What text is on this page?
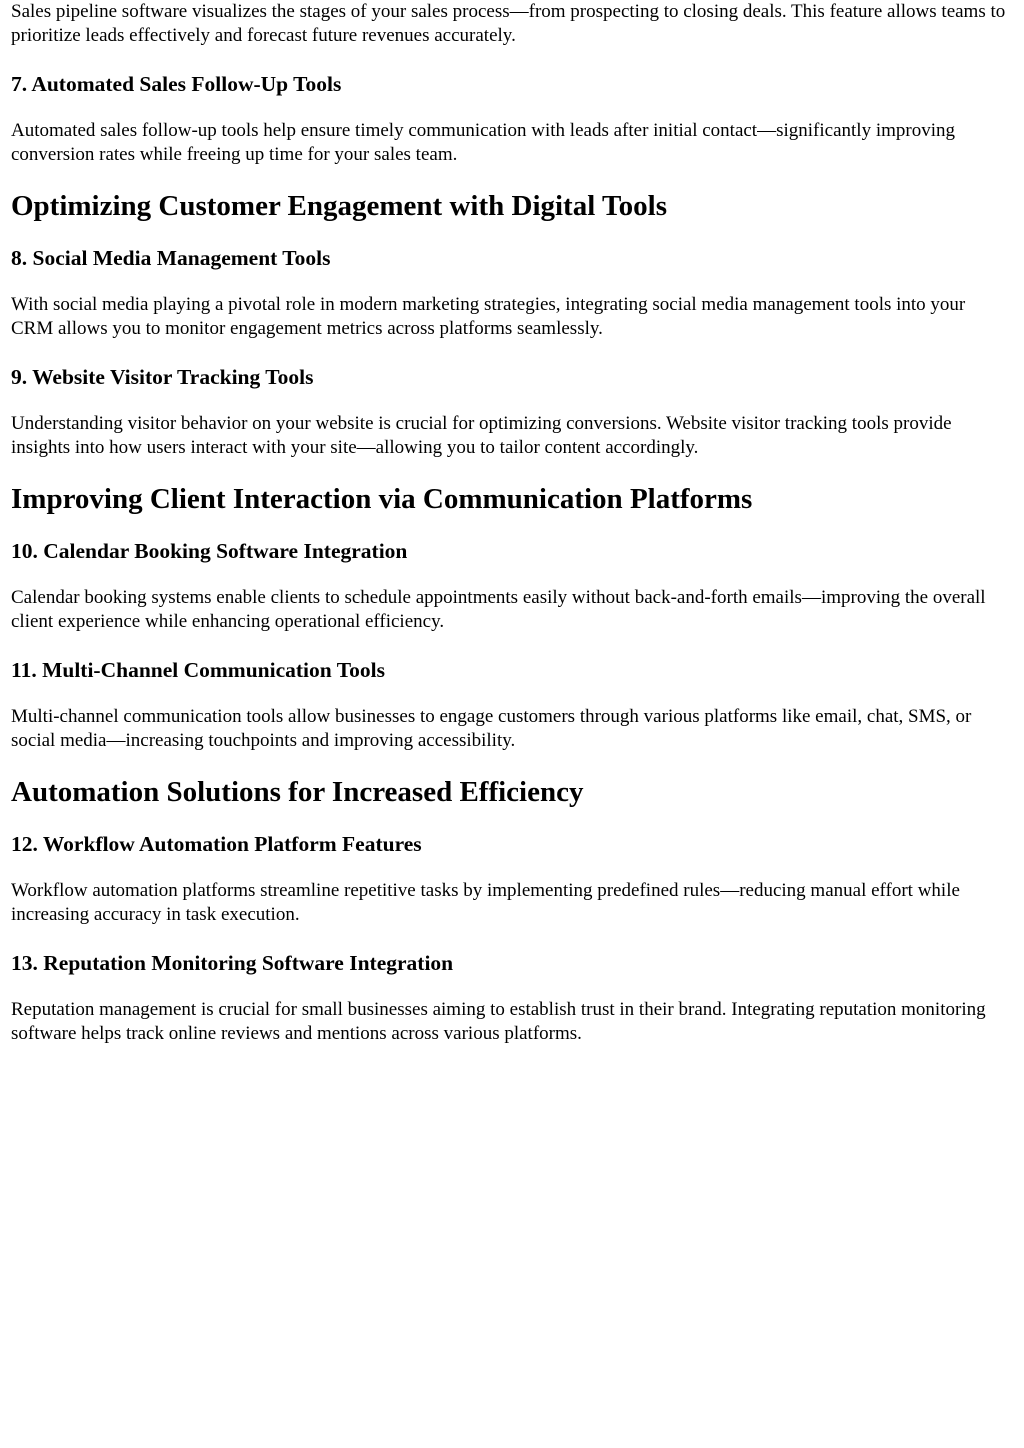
Sales pipeline software visualizes the stages of your sales process—from prospecting to closing deals. This feature allows teams to prioritize leads effectively and forecast future revenues accurately.

7. Automated Sales Follow-Up Tools

Automated sales follow-up tools help ensure timely communication with leads after initial contact—significantly improving conversion rates while freeing up time for your sales team.

Optimizing Customer Engagement with Digital Tools
8. Social Media Management Tools

With social media playing a pivotal role in modern marketing strategies, integrating social media management tools into your CRM allows you to monitor engagement metrics across platforms seamlessly.

9. Website Visitor Tracking Tools

Understanding visitor behavior on your website is crucial for optimizing conversions. Website visitor tracking tools provide insights into how users interact with your site—allowing you to tailor content accordingly.

Improving Client Interaction via Communication Platforms
10. Calendar Booking Software Integration

Calendar booking systems enable clients to schedule appointments easily without back-and-forth emails—improving the overall client experience while enhancing operational efficiency.

11. Multi-Channel Communication Tools

Multi-channel communication tools allow businesses to engage customers through various platforms like email, chat, SMS, or social media—increasing touchpoints and improving accessibility.

Automation Solutions for Increased Efficiency
12. Workflow Automation Platform Features

Workflow automation platforms streamline repetitive tasks by implementing predefined rules—reducing manual effort while increasing accuracy in task execution.

13. Reputation Monitoring Software Integration

Reputation management is crucial for small businesses aiming to establish trust in their brand. Integrating reputation monitoring software helps track online reviews and mentions across various platforms.
